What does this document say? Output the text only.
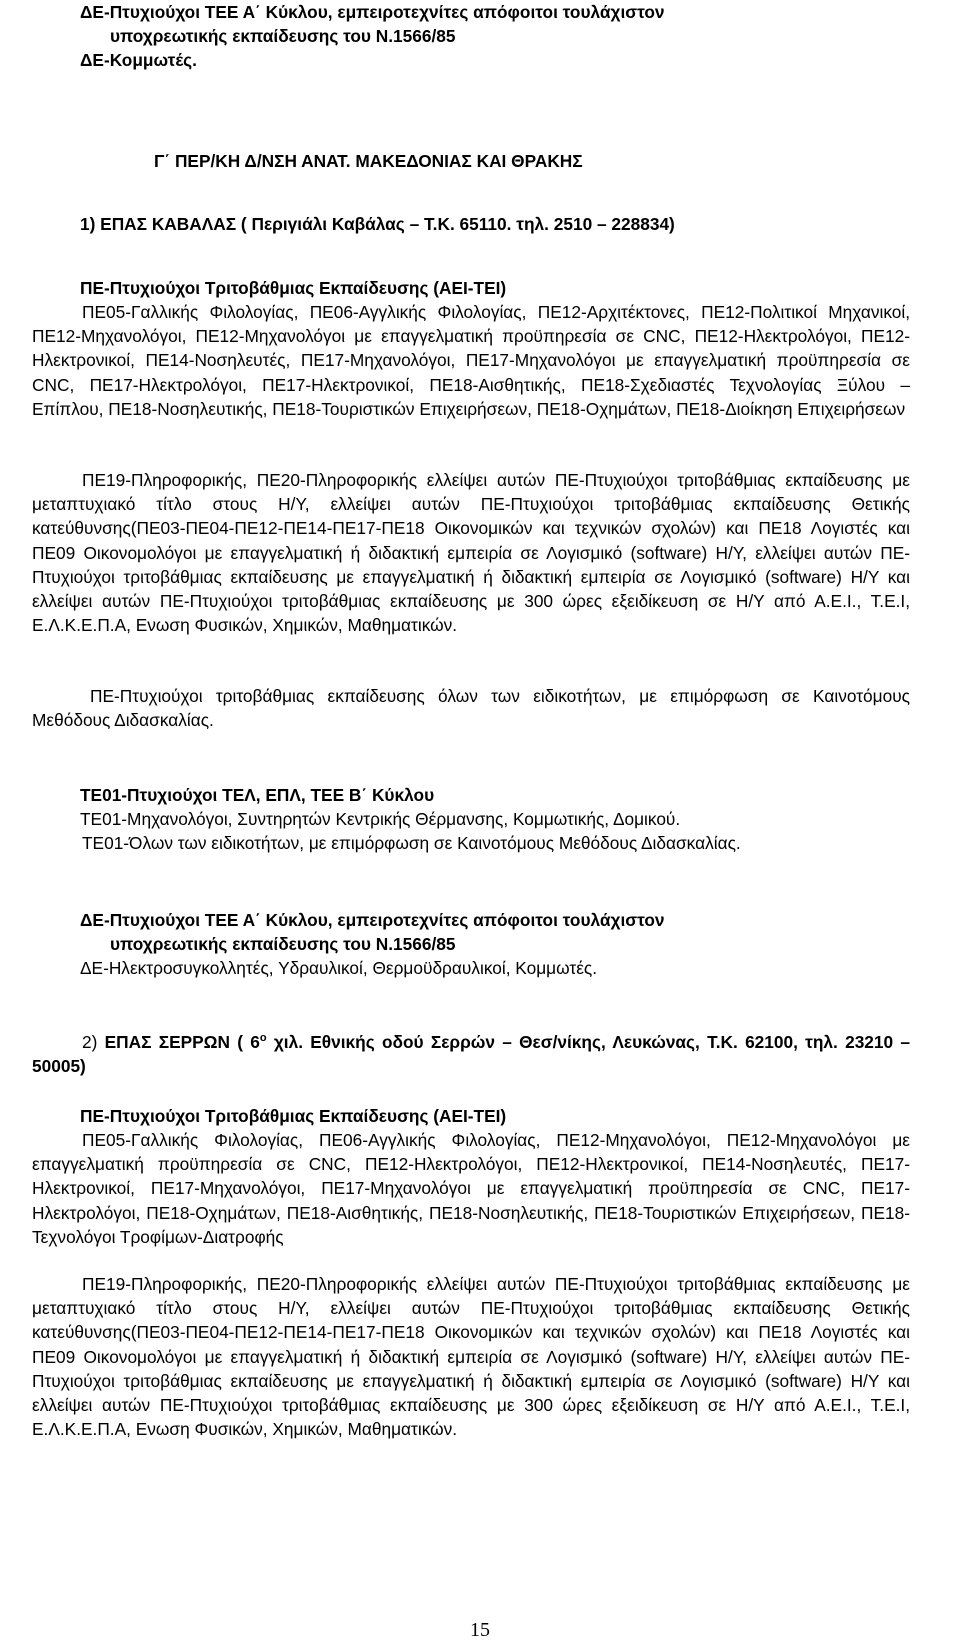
ΔΕ-Πτυχιούχοι ΤΕΕ Α΄ Κύκλου, εμπειροτεχνίτες απόφοιτοι τουλάχιστον
υποχρεωτικής εκπαίδευσης του Ν.1566/85
ΔΕ-Κομμωτές.
Γ΄ ΠΕΡ/ΚΗ Δ/ΝΣΗ ΑΝΑΤ. ΜΑΚΕΔΟΝΙΑΣ ΚΑΙ ΘΡΑΚΗΣ
1) ΕΠΑΣ ΚΑΒΑΛΑΣ ( Περιγιάλι Καβάλας – Τ.Κ. 65110. τηλ. 2510 – 228834)
ΠΕ-Πτυχιούχοι Τριτοβάθμιας Εκπαίδευσης (ΑΕΙ-ΤΕΙ)
ΠΕ05-Γαλλικής Φιλολογίας, ΠΕ06-Αγγλικής Φιλολογίας, ΠΕ12-Αρχιτέκτονες, ΠΕ12-Πολιτικοί Μηχανικοί, ΠΕ12-Μηχανολόγοι, ΠΕ12-Μηχανολόγοι με επαγγελματική προϋπηρεσία σε CNC, ΠΕ12-Ηλεκτρολόγοι, ΠΕ12-Ηλεκτρονικοί, ΠΕ14-Νοσηλευτές, ΠΕ17-Μηχανολόγοι, ΠΕ17-Μηχανολόγοι με επαγγελματική προϋπηρεσία σε CNC, ΠΕ17-Ηλεκτρολόγοι, ΠΕ17-Ηλεκτρονικοί, ΠΕ18-Αισθητικής, ΠΕ18-Σχεδιαστές Τεχνολογίας Ξύλου – Επίπλου, ΠΕ18-Νοσηλευτικής, ΠΕ18-Τουριστικών Επιχειρήσεων, ΠΕ18-Οχημάτων, ΠΕ18-Διοίκηση Επιχειρήσεων
ΠΕ19-Πληροφορικής, ΠΕ20-Πληροφορικής ελλείψει αυτών ΠΕ-Πτυχιούχοι τριτοβάθμιας εκπαίδευσης με μεταπτυχιακό τίτλο στους Η/Υ, ελλείψει αυτών ΠΕ-Πτυχιούχοι τριτοβάθμιας εκπαίδευσης Θετικής κατεύθυνσης(ΠΕ03-ΠΕ04-ΠΕ12-ΠΕ14-ΠΕ17-ΠΕ18 Οικονομικών και τεχνικών σχολών) και ΠΕ18 Λογιστές και ΠΕ09 Οικονομολόγοι με επαγγελματική ή διδακτική εμπειρία σε Λογισμικό (software) Η/Υ, ελλείψει αυτών ΠΕ-Πτυχιούχοι τριτοβάθμιας εκπαίδευσης με επαγγελματική ή διδακτική εμπειρία σε Λογισμικό (software) Η/Υ και ελλείψει αυτών ΠΕ-Πτυχιούχοι τριτοβάθμιας εκπαίδευσης με 300 ώρες εξειδίκευση σε Η/Υ από Α.Ε.Ι., Τ.Ε.Ι, Ε.Λ.Κ.Ε.Π.Α, Ενωση Φυσικών, Χημικών, Μαθηματικών.
ΠΕ-Πτυχιούχοι τριτοβάθμιας εκπαίδευσης όλων των ειδικοτήτων, με επιμόρφωση σε Καινοτόμους Μεθόδους Διδασκαλίας.
ΤΕ01-Πτυχιούχοι ΤΕΛ, ΕΠΛ, ΤΕΕ Β΄ Κύκλου
ΤΕ01-Μηχανολόγοι, Συντηρητών Κεντρικής Θέρμανσης, Κομμωτικής, Δομικού.
ΤΕ01-Όλων των ειδικοτήτων, με επιμόρφωση σε Καινοτόμους Μεθόδους Διδασκαλίας.
ΔΕ-Πτυχιούχοι ΤΕΕ Α΄ Κύκλου, εμπειροτεχνίτες απόφοιτοι τουλάχιστον
υποχρεωτικής εκπαίδευσης του Ν.1566/85
ΔΕ-Ηλεκτροσυγκολλητές, Υδραυλικοί, Θερμοϋδραυλικοί, Κομμωτές.
2) ΕΠΑΣ ΣΕΡΡΩΝ ( $6^o$ χιλ. Εθνικής οδού Σερρών – Θεσ/νίκης, Λευκώνας, Τ.Κ. 62100, τηλ. 23210 – 50005)
ΠΕ-Πτυχιούχοι Τριτοβάθμιας Εκπαίδευσης (ΑΕΙ-ΤΕΙ)
ΠΕ05-Γαλλικής Φιλολογίας, ΠΕ06-Αγγλικής Φιλολογίας, ΠΕ12-Μηχανολόγοι, ΠΕ12-Μηχανολόγοι με επαγγελματική προϋπηρεσία σε CNC, ΠΕ12-Ηλεκτρολόγοι, ΠΕ12-Ηλεκτρονικοί, ΠΕ14-Νοσηλευτές, ΠΕ17-Ηλεκτρονικοί, ΠΕ17-Μηχανολόγοι, ΠΕ17-Μηχανολόγοι με επαγγελματική προϋπηρεσία σε CNC, ΠΕ17-Ηλεκτρολόγοι, ΠΕ18-Οχημάτων, ΠΕ18-Αισθητικής, ΠΕ18-Νοσηλευτικής, ΠΕ18-Τουριστικών Επιχειρήσεων, ΠΕ18-Τεχνολόγοι Τροφίμων-Διατροφής
ΠΕ19-Πληροφορικής, ΠΕ20-Πληροφορικής ελλείψει αυτών ΠΕ-Πτυχιούχοι τριτοβάθμιας εκπαίδευσης με μεταπτυχιακό τίτλο στους Η/Υ, ελλείψει αυτών ΠΕ-Πτυχιούχοι τριτοβάθμιας εκπαίδευσης Θετικής κατεύθυνσης(ΠΕ03-ΠΕ04-ΠΕ12-ΠΕ14-ΠΕ17-ΠΕ18 Οικονομικών και τεχνικών σχολών) και ΠΕ18 Λογιστές και ΠΕ09 Οικονομολόγοι με επαγγελματική ή διδακτική εμπειρία σε Λογισμικό (software) Η/Υ, ελλείψει αυτών ΠΕ-Πτυχιούχοι τριτοβάθμιας εκπαίδευσης με επαγγελματική ή διδακτική εμπειρία σε Λογισμικό (software) Η/Υ και ελλείψει αυτών ΠΕ-Πτυχιούχοι τριτοβάθμιας εκπαίδευσης με 300 ώρες εξειδίκευση σε Η/Υ από Α.Ε.Ι., Τ.Ε.Ι, Ε.Λ.Κ.Ε.Π.Α, Ενωση Φυσικών, Χημικών, Μαθηματικών.
15
